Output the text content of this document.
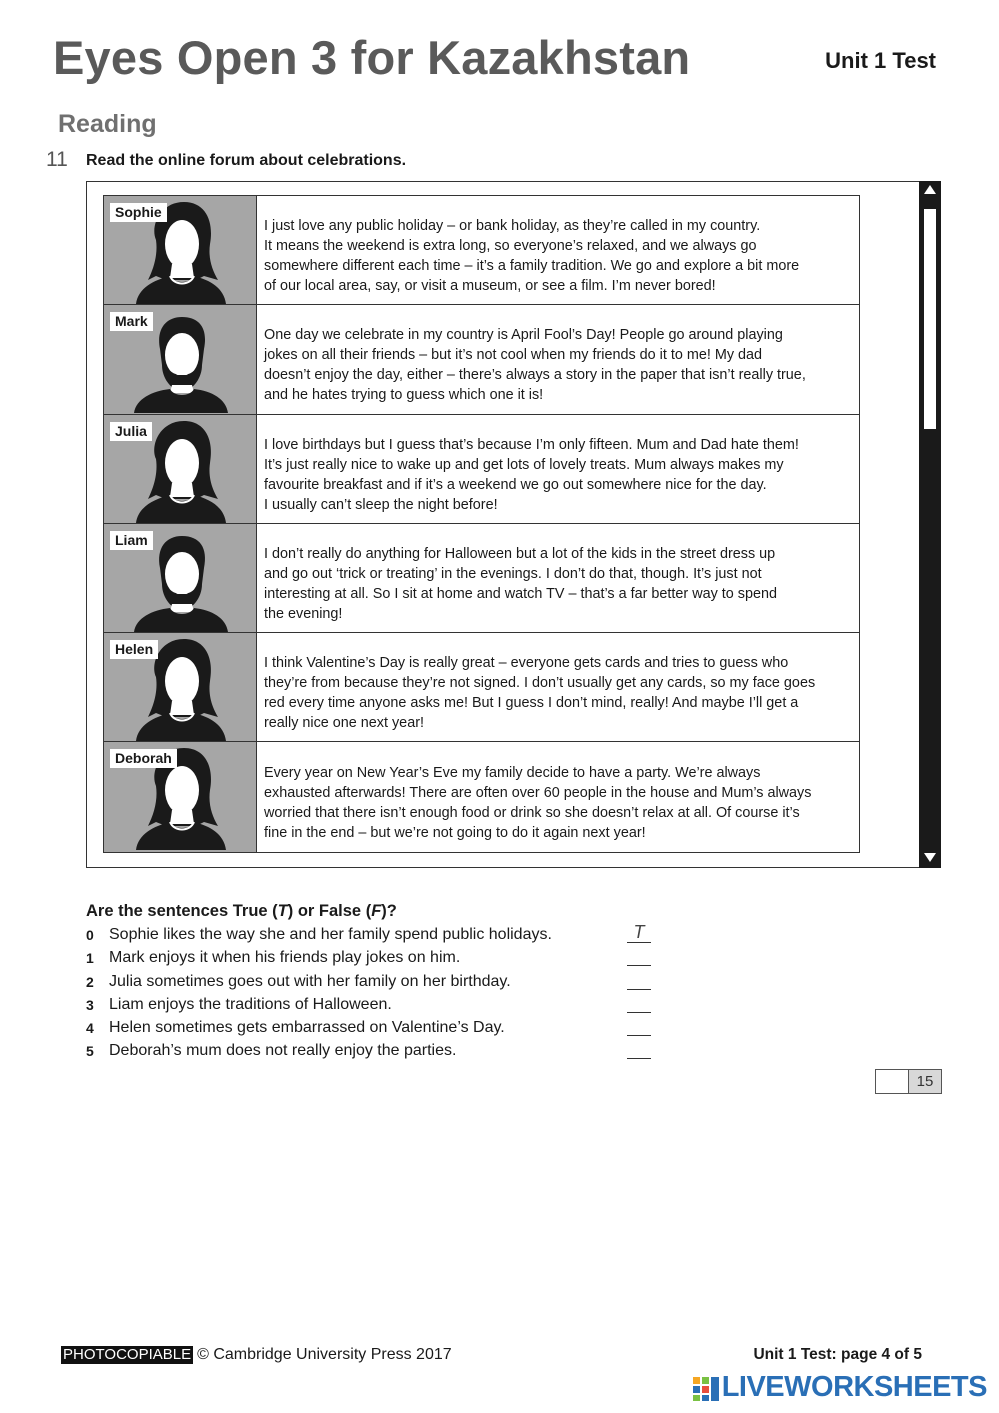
Eyes Open 3 for Kazakhstan	Unit 1 Test
Reading
11 Read the online forum about celebrations.
Sophie
I just love any public holiday – or bank holiday, as they’re called in my country.
It means the weekend is extra long, so everyone’s relaxed, and we always go
somewhere different each time – it’s a family tradition. We go and explore a bit more
of our local area, say, or visit a museum, or see a film. I’m never bored!
Mark
One day we celebrate in my country is April Fool’s Day! People go around playing
jokes on all their friends – but it’s not cool when my friends do it to me! My dad
doesn’t enjoy the day, either – there’s always a story in the paper that isn’t really true,
and he hates trying to guess which one it is!
Julia
I love birthdays but I guess that’s because I’m only fifteen. Mum and Dad hate them!
It’s just really nice to wake up and get lots of lovely treats. Mum always makes my
favourite breakfast and if it’s a weekend we go out somewhere nice for the day.
I usually can’t sleep the night before!
Liam
I don’t really do anything for Halloween but a lot of the kids in the street dress up
and go out ‘trick or treating’ in the evenings. I don’t do that, though. It’s just not
interesting at all. So I sit at home and watch TV – that’s a far better way to spend
the evening!
Helen
I think Valentine’s Day is really great – everyone gets cards and tries to guess who
they’re from because they’re not signed. I don’t usually get any cards, so my face goes
red every time anyone asks me! But I guess I don’t mind, really! And maybe I’ll get a
really nice one next year!
Deborah
Every year on New Year’s Eve my family decide to have a party. We’re always
exhausted afterwards! There are often over 60 people in the house and Mum’s always
worried that there isn’t enough food or drink so she doesn’t relax at all. Of course it’s
fine in the end – but we’re not going to do it again next year!
Are the sentences True (T) or False (F)?
0 Sophie likes the way she and her family spend public holidays.	T
1 Mark enjoys it when his friends play jokes on him.
2 Julia sometimes goes out with her family on her birthday.
3 Liam enjoys the traditions of Halloween.
4 Helen sometimes gets embarrassed on Valentine’s Day.
5 Deborah’s mum does not really enjoy the parties.
15
PHOTOCOPIABLE © Cambridge University Press 2017	Unit 1 Test: page 4 of 5
LIVEWORKSHEETS
